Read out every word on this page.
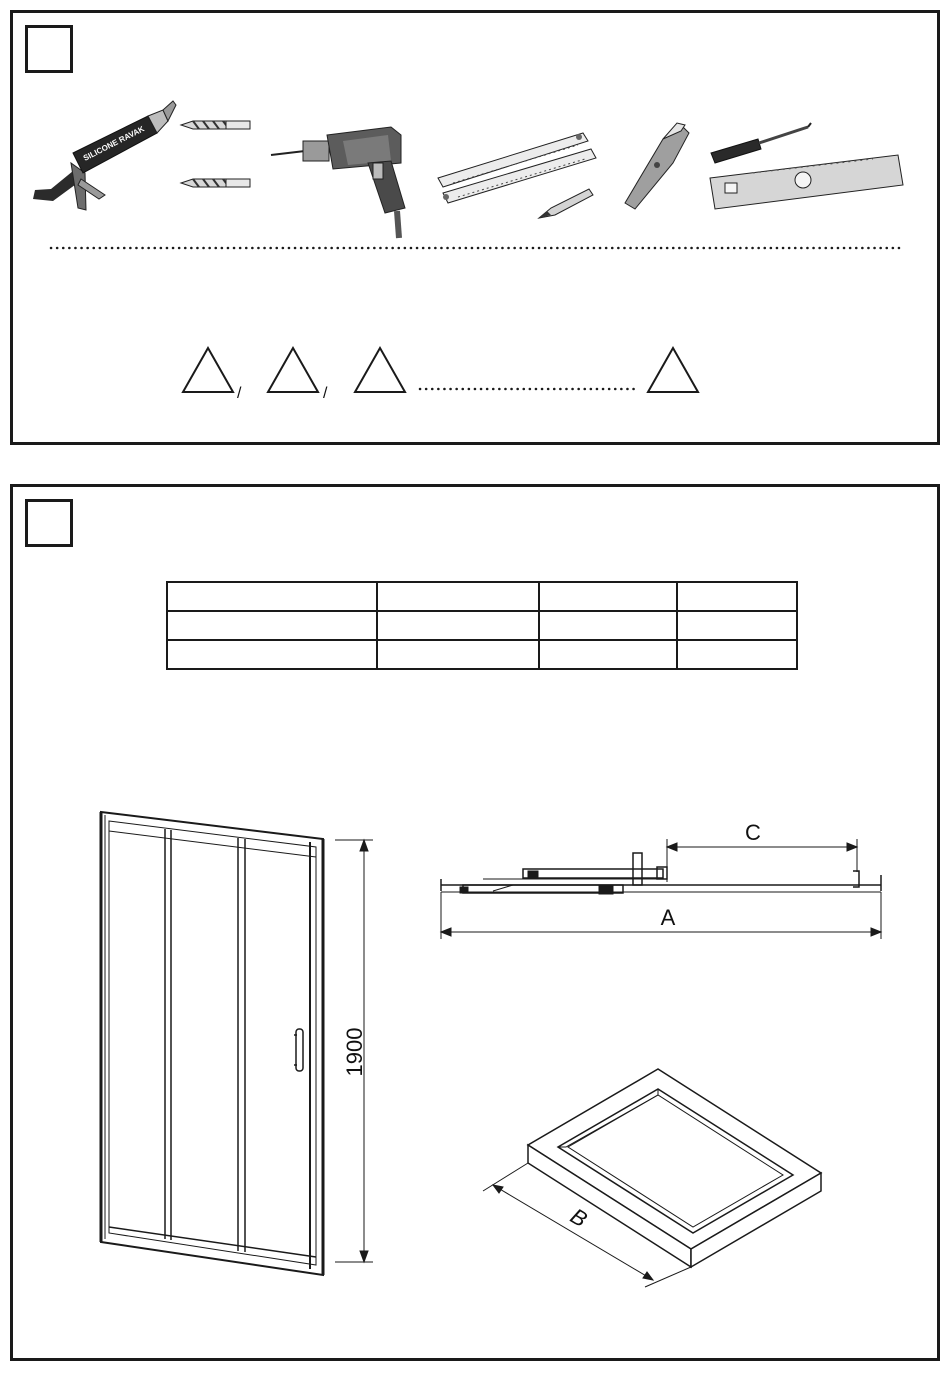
SILICONE RAVAK
/	/

1900
C
A
B
